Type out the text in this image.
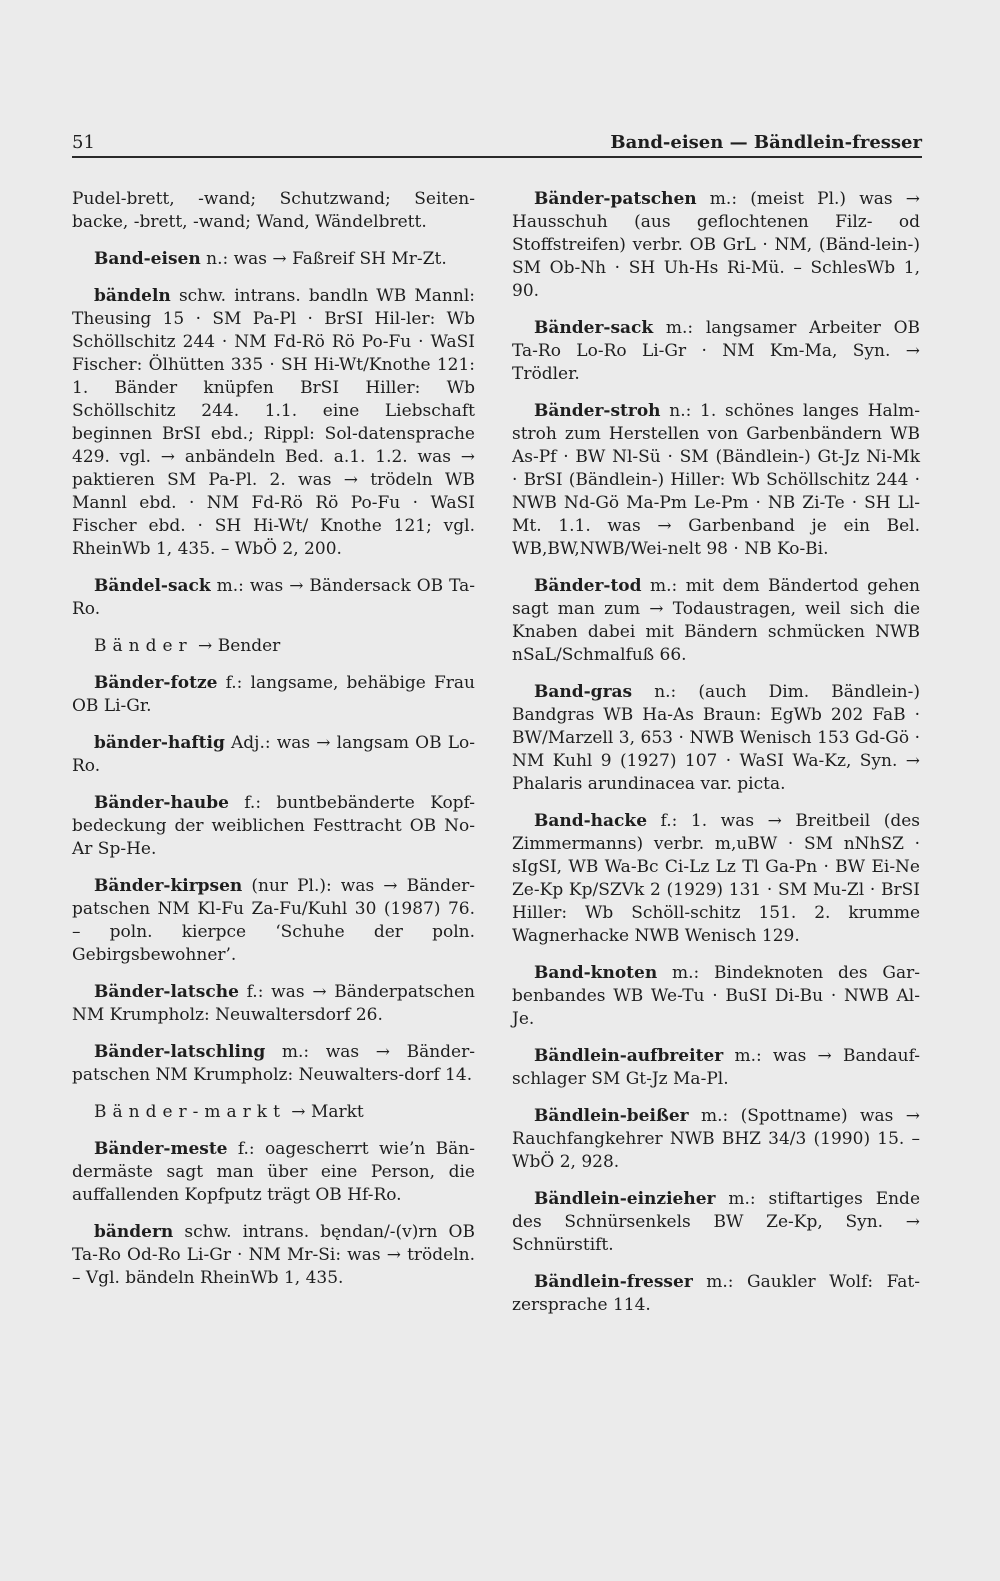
51	Band-eisen — Bändlein-fresser

Pudel-brett, -wand; Schutzwand; Seiten-backe, -brett, -wand; Wand, Wändelbrett.

Band-eisen n.: was → Faßreif SH Mr-Zt.

bändeln schw. intrans. bandln WB Mannl: Theusing 15 · SM Pa-Pl · BrSI Hil-ler: Wb Schöllschitz 244 · NM Fd-Rö Rö Po-Fu · WaSI Fischer: Ölhütten 335 · SH Hi-Wt/Knothe 121: 1. Bänder knüpfen BrSI Hiller: Wb Schöllschitz 244. 1.1. eine Liebschaft beginnen BrSI ebd.; Rippl: Sol-datensprache 429. vgl. → anbändeln Bed. a.1. 1.2. was → paktieren SM Pa-Pl. 2. was → trödeln WB Mannl ebd. · NM Fd-Rö Rö Po-Fu · WaSI Fischer ebd. · SH Hi-Wt/ Knothe 121; vgl. RheinWb 1, 435. – WbÖ 2, 200.

Bändel-sack m.: was → Bändersack OB Ta-Ro.

Bänder → Bender

Bänder-fotze f.: langsame, behäbige Frau OB Li-Gr.

bänder-haftig Adj.: was → langsam OB Lo-Ro.

Bänder-haube f.: buntbebänderte Kopf-bedeckung der weiblichen Festtracht OB No-Ar Sp-He.

Bänder-kirpsen (nur Pl.): was → Bänder-patschen NM Kl-Fu Za-Fu/Kuhl 30 (1987) 76. – poln. kierpce ‘Schuhe der poln. Gebirgsbewohner’.

Bänder-latsche f.: was → Bänderpatschen NM Krumpholz: Neuwaltersdorf 26.

Bänder-latschling m.: was → Bänder-patschen NM Krumpholz: Neuwalters-dorf 14.

Bänder-markt → Markt

Bänder-meste f.: oagescherrt wie’n Bän-dermäste sagt man über eine Person, die auffallenden Kopfputz trägt OB Hf-Ro.

bändern schw. intrans. bęndan/-(v)rn OB Ta-Ro Od-Ro Li-Gr · NM Mr-Si: was → trödeln. – Vgl. bändeln RheinWb 1, 435.

Bänder-patschen m.: (meist Pl.) was → Hausschuh (aus geflochtenen Filz- od Stoffstreifen) verbr. OB GrL · NM, (Bänd-lein-) SM Ob-Nh · SH Uh-Hs Ri-Mü. – SchlesWb 1, 90.

Bänder-sack m.: langsamer Arbeiter OB Ta-Ro Lo-Ro Li-Gr · NM Km-Ma, Syn. → Trödler.

Bänder-stroh n.: 1. schönes langes Halm-stroh zum Herstellen von Garbenbändern WB As-Pf · BW Nl-Sü · SM (Bändlein-) Gt-Jz Ni-Mk · BrSI (Bändlein-) Hiller: Wb Schöllschitz 244 · NWB Nd-Gö Ma-Pm Le-Pm · NB Zi-Te · SH Ll-Mt. 1.1. was → Garbenband je ein Bel. WB,BW,NWB/Wei-nelt 98 · NB Ko-Bi.

Bänder-tod m.: mit dem Bändertod gehen sagt man zum → Todaustragen, weil sich die Knaben dabei mit Bändern schmücken NWB nSaL/Schmalfuß 66.

Band-gras n.: (auch Dim. Bändlein-) Bandgras WB Ha-As Braun: EgWb 202 FaB · BW/Marzell 3, 653 · NWB Wenisch 153 Gd-Gö · NM Kuhl 9 (1927) 107 · WaSI Wa-Kz, Syn. → Phalaris arundinacea var. picta.

Band-hacke f.: 1. was → Breitbeil (des Zimmermanns) verbr. m,uBW · SM nNhSZ · sIgSI, WB Wa-Bc Ci-Lz Lz Tl Ga-Pn · BW Ei-Ne Ze-Kp Kp/SZVk 2 (1929) 131 · SM Mu-Zl · BrSI Hiller: Wb Schöll-schitz 151. 2. krumme Wagnerhacke NWB Wenisch 129.

Band-knoten m.: Bindeknoten des Gar-benbandes WB We-Tu · BuSI Di-Bu · NWB Al-Je.

Bändlein-aufbreiter m.: was → Bandauf-schlager SM Gt-Jz Ma-Pl.

Bändlein-beißer m.: (Spottname) was → Rauchfangkehrer NWB BHZ 34/3 (1990) 15. – WbÖ 2, 928.

Bändlein-einzieher m.: stiftartiges Ende des Schnürsenkels BW Ze-Kp, Syn. → Schnürstift.

Bändlein-fresser m.: Gaukler Wolf: Fat-zersprache 114.
